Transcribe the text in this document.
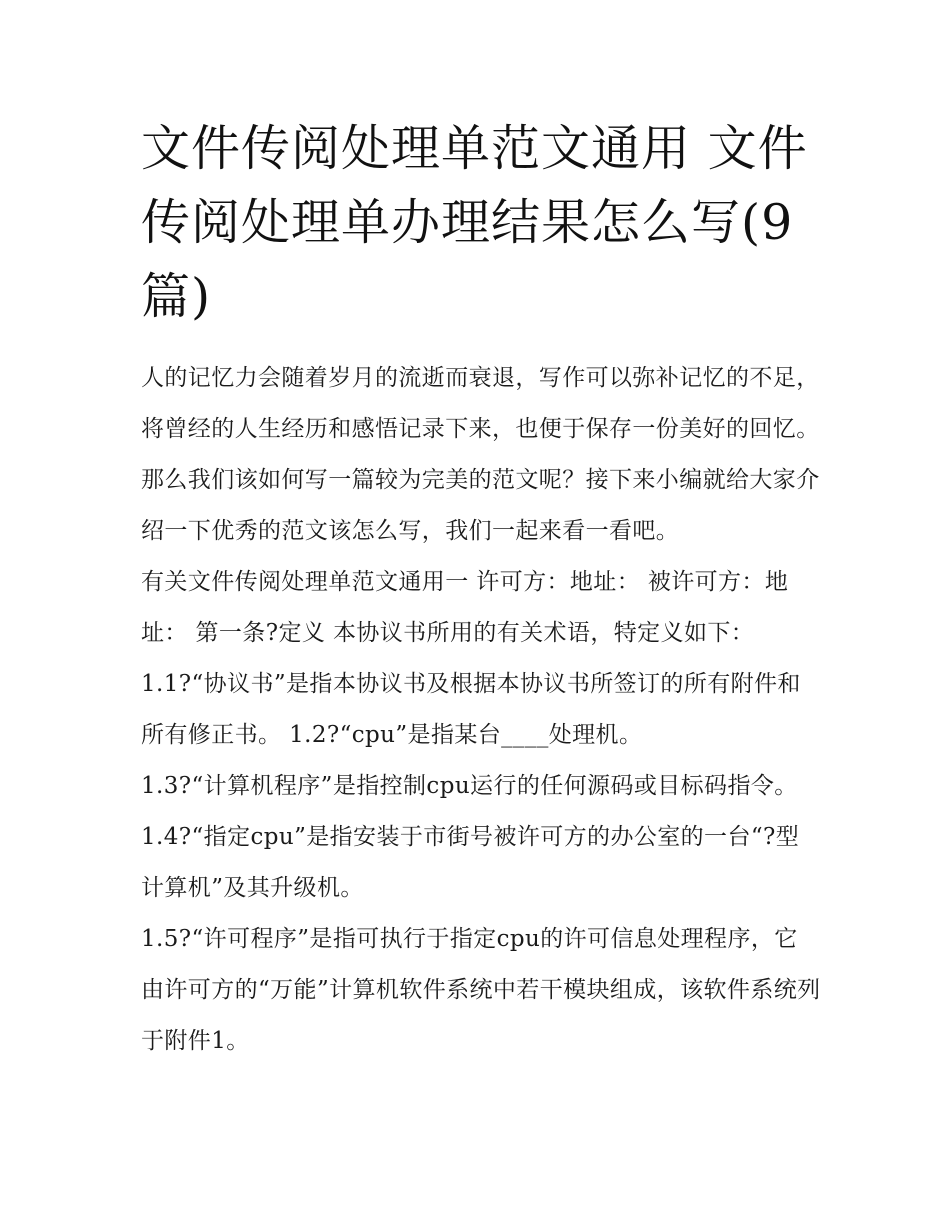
文件传阅处理单范文通用 文件传阅处理单办理结果怎么写(9篇)

人的记忆力会随着岁月的流逝而衰退，写作可以弥补记忆的不足，将曾经的人生经历和感悟记录下来，也便于保存一份美好的回忆。那么我们该如何写一篇较为完美的范文呢？接下来小编就给大家介绍一下优秀的范文该怎么写，我们一起来看一看吧。

有关文件传阅处理单范文通用一 许可方：地址： 被许可方：地址： 第一条?定义 本协议书所用的有关术语，特定义如下：1.1?“协议书”是指本协议书及根据本协议书所签订的所有附件和所有修正书。 1.2?“cpu”是指某台____处理机。

1.3?“计算机程序”是指控制cpu运行的任何源码或目标码指令。 1.4?“指定cpu”是指安装于市街号被许可方的办公室的一台“?型计算机”及其升级机。

1.5?“许可程序”是指可执行于指定cpu的许可信息处理程序，它由许可方的“万能”计算机软件系统中若干模块组成，该软件系统列于附件1。
